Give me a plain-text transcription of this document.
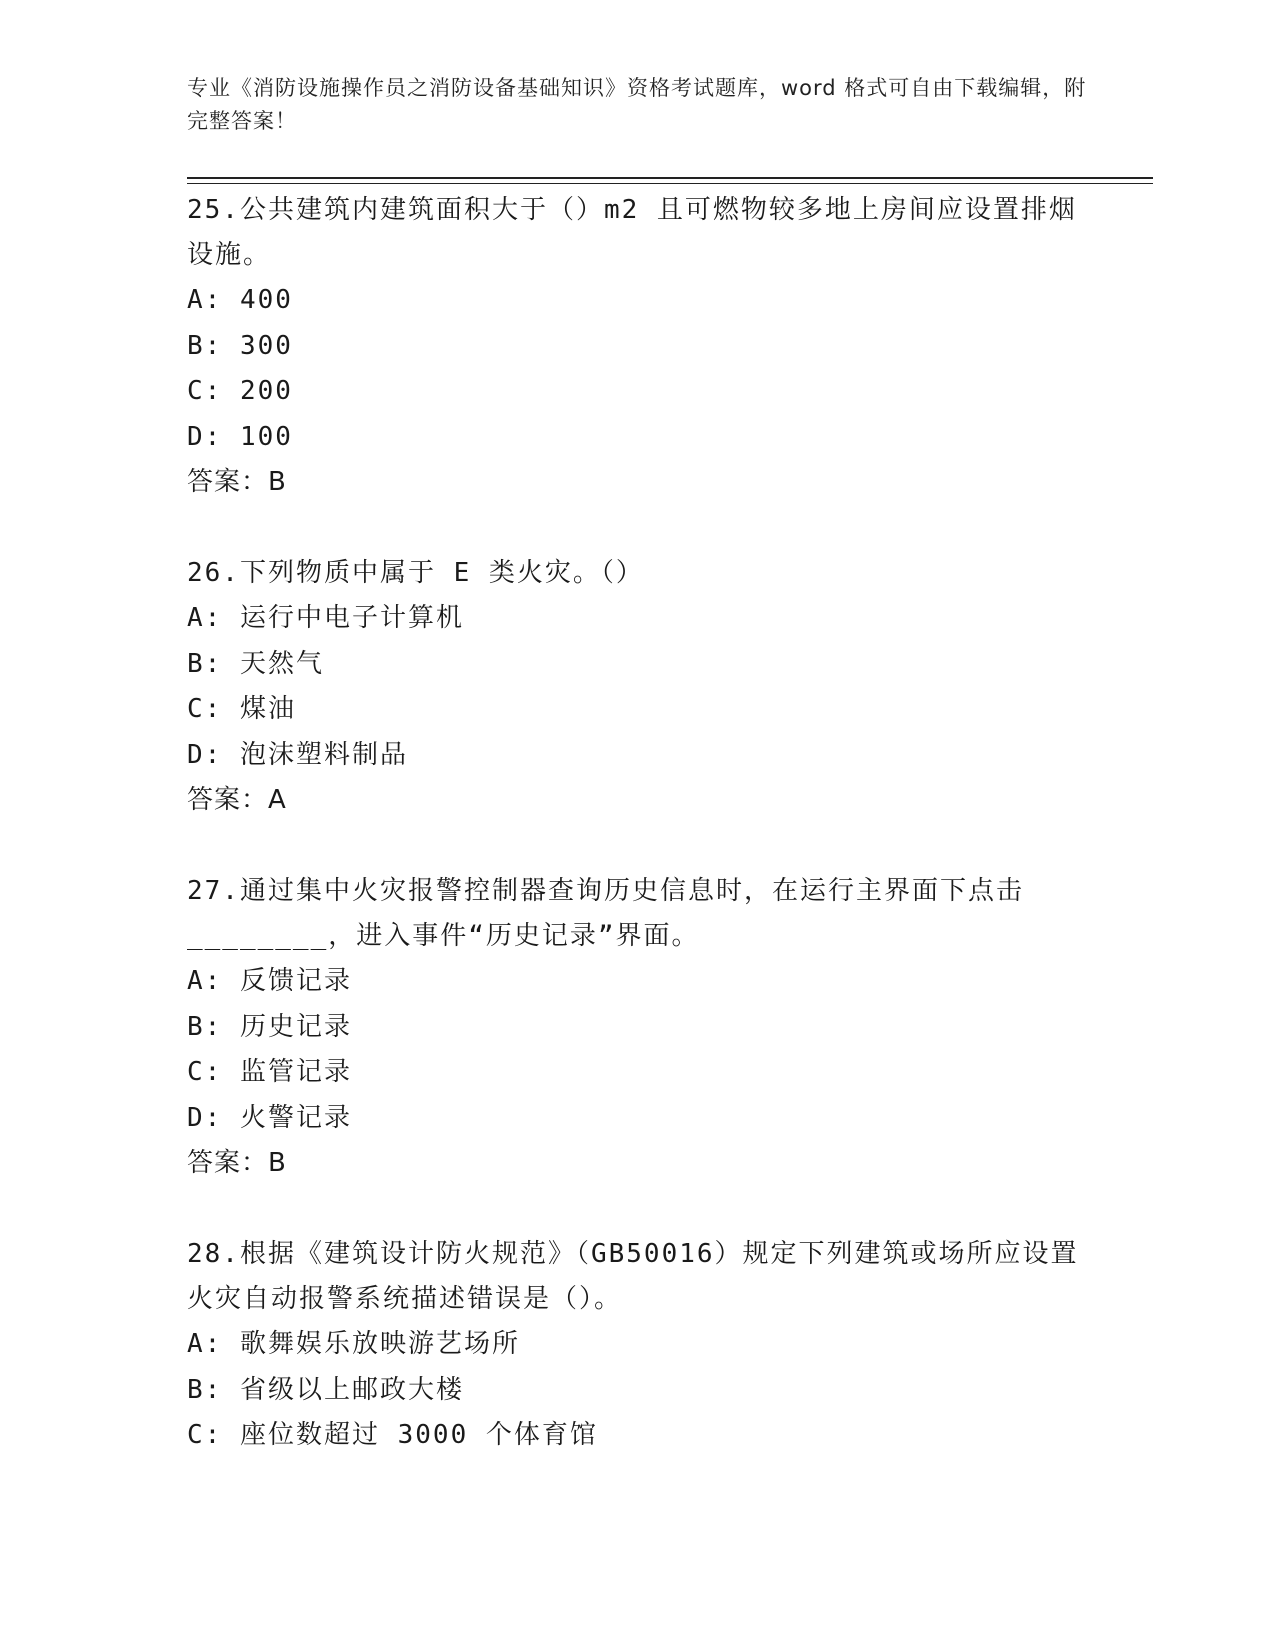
专业《消防设施操作员之消防设备基础知识》资格考试题库，word 格式可自由下载编辑，附完整答案！

25.公共建筑内建筑面积大于（）m2 且可燃物较多地上房间应设置排烟设施。

A: 400

B: 300

C: 200

D: 100

答案：B

26.下列物质中属于 E 类火灾。（）

A: 运行中电子计算机

B: 天然气

C: 煤油

D: 泡沫塑料制品

答案：A

27.通过集中火灾报警控制器查询历史信息时，在运行主界面下点击________，进入事件“历史记录”界面。

A: 反馈记录

B: 历史记录

C: 监管记录

D: 火警记录

答案：B

28.根据《建筑设计防火规范》（GB50016）规定下列建筑或场所应设置火灾自动报警系统描述错误是（）。

A: 歌舞娱乐放映游艺场所

B: 省级以上邮政大楼

C: 座位数超过 3000 个体育馆
